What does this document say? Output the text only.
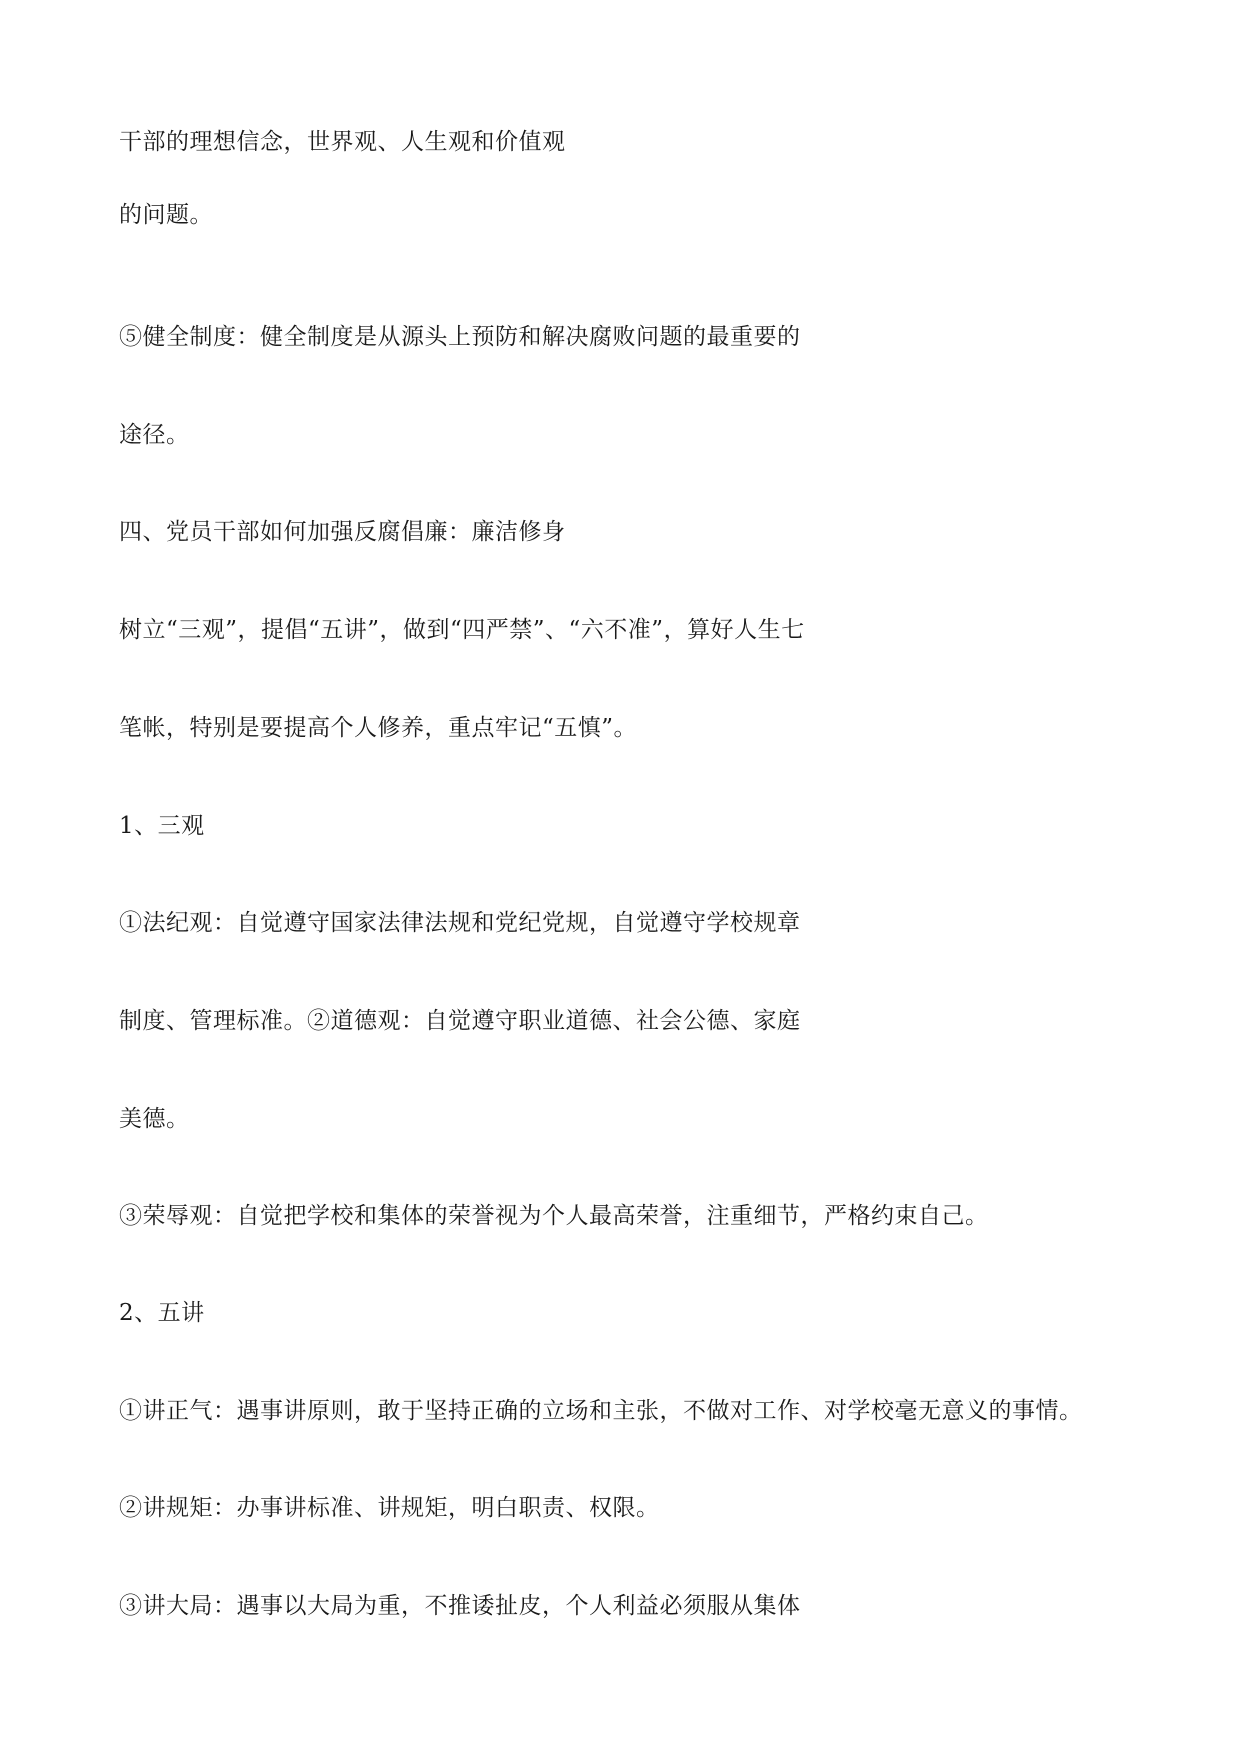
干部的理想信念，世界观、人生观和价值观
的问题。
⑤健全制度：健全制度是从源头上预防和解决腐败问题的最重要的
途径。
四、党员干部如何加强反腐倡廉：廉洁修身
树立“三观”，提倡“五讲”，做到“四严禁”、“六不准”，算好人生七
笔帐，特别是要提高个人修养，重点牢记“五慎”。
1、三观
①法纪观：自觉遵守国家法律法规和党纪党规，自觉遵守学校规章
制度、管理标准。②道德观：自觉遵守职业道德、社会公德、家庭
美德。
③荣辱观：自觉把学校和集体的荣誉视为个人最高荣誉，注重细节，严格约束自己。
2、五讲
①讲正气：遇事讲原则，敢于坚持正确的立场和主张，不做对工作、对学校毫无意义的事情。
②讲规矩：办事讲标准、讲规矩，明白职责、权限。
③讲大局：遇事以大局为重，不推诿扯皮，个人利益必须服从集体
